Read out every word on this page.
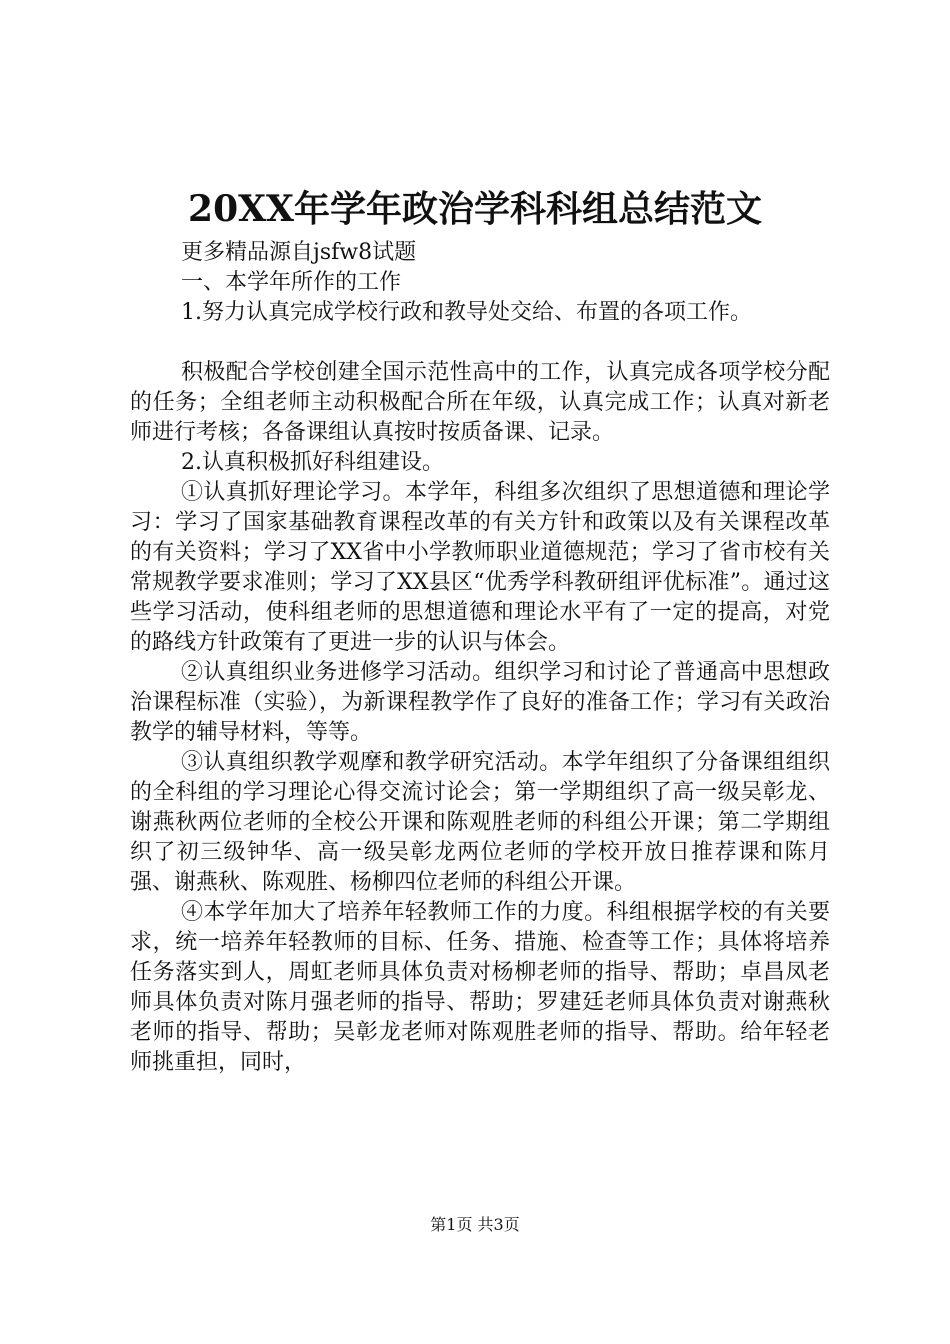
20XX年学年政治学科科组总结范文

更多精品源自jsfw8试题

一、本学年所作的工作

1.努力认真完成学校行政和教导处交给、布置的各项工作。

积极配合学校创建全国示范性高中的工作，认真完成各项学校分配的任务；全组老师主动积极配合所在年级，认真完成工作；认真对新老师进行考核；各备课组认真按时按质备课、记录。

2.认真积极抓好科组建设。

①认真抓好理论学习。本学年，科组多次组织了思想道德和理论学习：学习了国家基础教育课程改革的有关方针和政策以及有关课程改革的有关资料；学习了XX省中小学教师职业道德规范；学习了省市校有关常规教学要求准则；学习了XX县区“优秀学科教研组评优标准”。通过这些学习活动，使科组老师的思想道德和理论水平有了一定的提高，对党的路线方针政策有了更进一步的认识与体会。

②认真组织业务进修学习活动。组织学习和讨论了普通高中思想政治课程标准（实验），为新课程教学作了良好的准备工作；学习有关政治教学的辅导材料，等等。

③认真组织教学观摩和教学研究活动。本学年组织了分备课组组织的全科组的学习理论心得交流讨论会；第一学期组织了高一级吴彰龙、谢燕秋两位老师的全校公开课和陈观胜老师的科组公开课；第二学期组织了初三级钟华、高一级吴彰龙两位老师的学校开放日推荐课和陈月强、谢燕秋、陈观胜、杨柳四位老师的科组公开课。

④本学年加大了培养年轻教师工作的力度。科组根据学校的有关要求，统一培养年轻教师的目标、任务、措施、检查等工作；具体将培养任务落实到人，周虹老师具体负责对杨柳老师的指导、帮助；卓昌凤老师具体负责对陈月强老师的指导、帮助；罗建廷老师具体负责对谢燕秋老师的指导、帮助；吴彰龙老师对陈观胜老师的指导、帮助。给年轻老师挑重担，同时，

第1页 共3页
